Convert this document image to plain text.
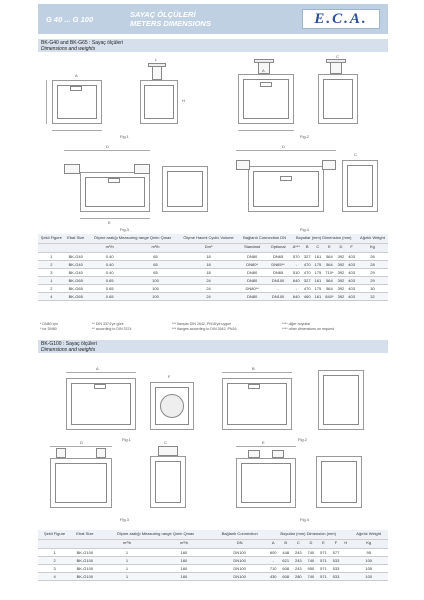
G 40 ... G 100	SAYAÇ ÖLÇÜLERİ
METERS DIMENSIONS	E.C.A.
BK-G40 and BK-G65 : Sayaç ölçüleri
Dimensions and weights
A
L
H
Fig.1
A
C
Fig.2
D
E
Fig.3
D
C
Fig.4
Şekil Figure	Ebat Size	Ölçme aralığı Measuring range Qmin Qmax		Ölçme Hacmi Cyclic Volume	Bağlantı Connection DN		Boyutlar (mm) Dimension (mm)						Ağırlık Weight
		m³/h	m³/h	Dm³	Standard	Optional	A***	B	C	E	D	F	Kg
1	BK-G40	0.40	65	18	DN80	DN65	570	327	161	564	392	403	26
2	BK-G40	0.40	65	18	DN80*	DN65**	-	470	175	564	392	403	28
3	BK-G40	0.40	65	18	DN80	DN65	510	470	175	710*	392	403	29
1	BK-G65	0.65	100	24	DN80	DN100	640	327	161	564	392	403	29
2	BK-G65	0.65	100	24	DN80**	-	-	470	175	564	392	403	30
4	BK-G65	0.65	100	24	DN80	DN100	640	460	161	840*	392	403	32
* DN80 için
* for DN80
** DIN 3374'ye göre
** according to DIN 3374
*** flanşlar DIN 2642, PN16'ya uygun
*** flanges according to DIN 2642, PN16
**** diğer boyutlar
**** other dimensions on request
BK-G100 : Sayaç ölçüleri
Dimensions and weights
A
F
Fig.1
B
Fig.2
D	C
Fig.3
E
Fig.4
Şekil Figure	Ebat Size	Ölçme aralığı Measuring range Qmin Qmax		Bağlantı Connection	Boyutlar (mm) Dimension (mm)							Ağırlık Weight
		m³/h	m³/h	DN	A	B	C	D	E	F	H	Kg
1	BK-G100	1	160	DN100	600	448	243	740	571	577		95
2	BK-G100	1	160	DN100	-	621	243	740	571	533		100
3	BK-G100	1	160	DN100	710	608	243	950	571	533		105
4	BK-G100	1	160	DN100	430	608	280	740	571	533		100
